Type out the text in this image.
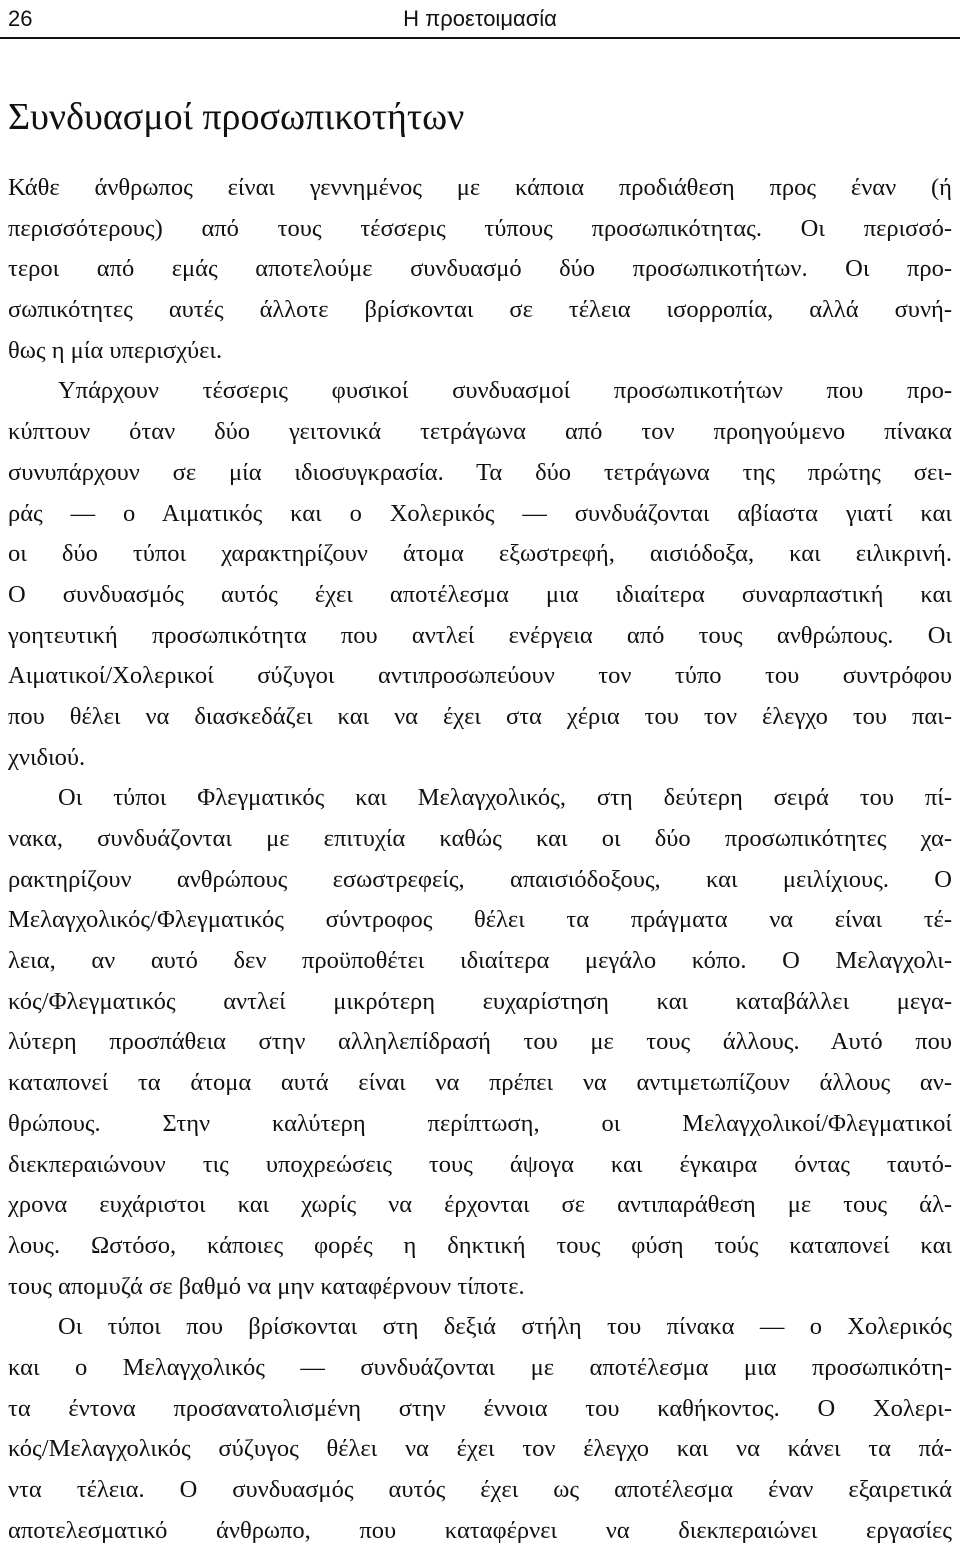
26	Η προετοιμασία
Συνδυασμοί προσωπικοτήτων
Κάθε άνθρωπος είναι γεννημένος με κάποια προδιάθεση προς έναν (ή
περισσότερους) από τους τέσσερις τύπους προσωπικότητας. Οι περισσό-
τεροι από εμάς αποτελούμε συνδυασμό δύο προσωπικοτήτων. Οι προ-
σωπικότητες αυτές άλλοτε βρίσκονται σε τέλεια ισορροπία, αλλά συνή-
θως η μία υπερισχύει.
Υπάρχουν τέσσερις φυσικοί συνδυασμοί προσωπικοτήτων που προ-
κύπτουν όταν δύο γειτονικά τετράγωνα από τον προηγούμενο πίνακα
συνυπάρχουν σε μία ιδιοσυγκρασία. Τα δύο τετράγωνα της πρώτης σει-
ράς — ο Αιματικός και ο Χολερικός — συνδυάζονται αβίαστα γιατί και
οι δύο τύποι χαρακτηρίζουν άτομα εξωστρεφή, αισιόδοξα, και ειλικρινή.
Ο συνδυασμός αυτός έχει αποτέλεσμα μια ιδιαίτερα συναρπαστική και
γοητευτική προσωπικότητα που αντλεί ενέργεια από τους ανθρώπους. Οι
Αιματικοί/Χολερικοί σύζυγοι αντιπροσωπεύουν τον τύπο του συντρόφου
που θέλει να διασκεδάζει και να έχει στα χέρια του τον έλεγχο του παι-
χνιδιού.
Οι τύποι Φλεγματικός και Μελαγχολικός, στη δεύτερη σειρά του πί-
νακα, συνδυάζονται με επιτυχία καθώς και οι δύο προσωπικότητες χα-
ρακτηρίζουν ανθρώπους εσωστρεφείς, απαισιόδοξους, και μειλίχιους. Ο
Μελαγχολικός/Φλεγματικός σύντροφος θέλει τα πράγματα να είναι τέ-
λεια, αν αυτό δεν προϋποθέτει ιδιαίτερα μεγάλο κόπο. Ο Μελαγχολι-
κός/Φλεγματικός αντλεί μικρότερη ευχαρίστηση και καταβάλλει μεγα-
λύτερη προσπάθεια στην αλληλεπίδρασή του με τους άλλους. Αυτό που
καταπονεί τα άτομα αυτά είναι να πρέπει να αντιμετωπίζουν άλλους αν-
θρώπους. Στην καλύτερη περίπτωση, οι Μελαγχολικοί/Φλεγματικοί
διεκπεραιώνουν τις υποχρεώσεις τους άψογα και έγκαιρα όντας ταυτό-
χρονα ευχάριστοι και χωρίς να έρχονται σε αντιπαράθεση με τους άλ-
λους. Ωστόσο, κάποιες φορές η δηκτική τους φύση τούς καταπονεί και
τους απομυζά σε βαθμό να μην καταφέρνουν τίποτε.
Οι τύποι που βρίσκονται στη δεξιά στήλη του πίνακα — ο Χολερικός
και ο Μελαγχολικός — συνδυάζονται με αποτέλεσμα μια προσωπικότη-
τα έντονα προσανατολισμένη στην έννοια του καθήκοντος. Ο Χολερι-
κός/Μελαγχολικός σύζυγος θέλει να έχει τον έλεγχο και να κάνει τα πά-
ντα τέλεια. Ο συνδυασμός αυτός έχει ως αποτέλεσμα έναν εξαιρετικά
αποτελεσματικό άνθρωπο, που καταφέρνει να διεκπεραιώνει εργασίες
